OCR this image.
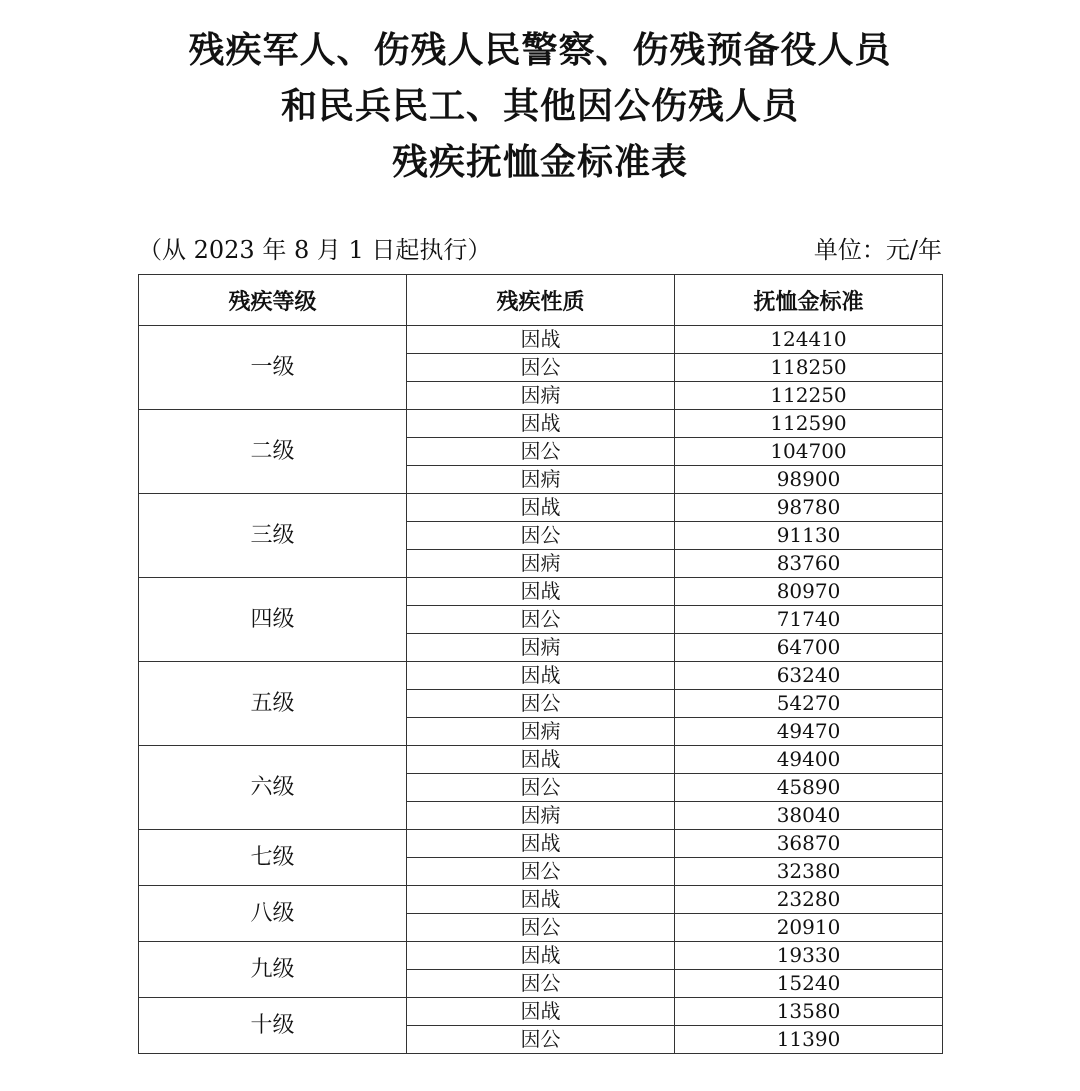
残疾军人、伤残人民警察、伤残预备役人员
和民兵民工、其他因公伤残人员
残疾抚恤金标准表
（从 2023 年 8 月 1 日起执行）	单位：元/年
残疾等级	残疾性质	抚恤金标准
一级	因战	124410
	因公	118250
	因病	112250
二级	因战	112590
	因公	104700
	因病	98900
三级	因战	98780
	因公	91130
	因病	83760
四级	因战	80970
	因公	71740
	因病	64700
五级	因战	63240
	因公	54270
	因病	49470
六级	因战	49400
	因公	45890
	因病	38040
七级	因战	36870
	因公	32380
八级	因战	23280
	因公	20910
九级	因战	19330
	因公	15240
十级	因战	13580
	因公	11390
